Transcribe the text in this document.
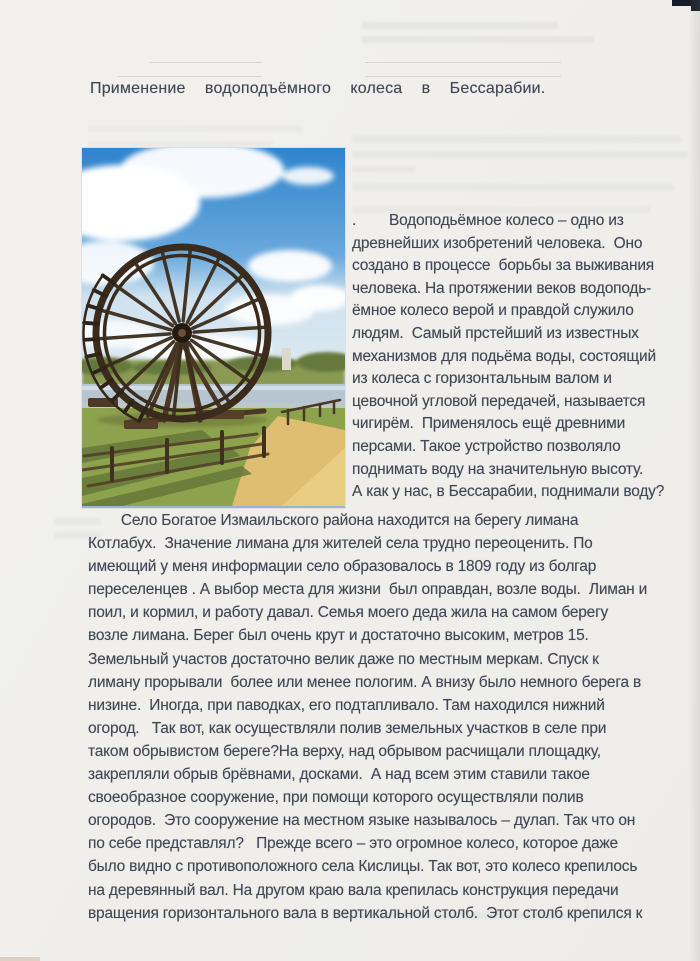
Применение  водоподъёмного  колеса  в  Бессарабии.
.        Водоподьёмное колесо – одно из
древнейших изобретений человека.  Оно
создано в процессе  борьбы за выживания
человека. На протяжении веков водоподь-
ёмное колесо верой и правдой служило
людям.  Самый прстейший из известных
механизмов для подьёма воды, состоящий
из колеса с горизонтальным валом и
цевочной угловой передачей, называется
чигирём.  Применялось ещё древними
персами. Такое устройство позволяло
поднимать воду на значительную высоту.
А как у нас, в Бессарабии, поднимали воду?
Село Богатое Измаильского района находится на берегу лимана
Котлабух.  Значение лимана для жителей села трудно переоценить. По
имеющий у меня информации село образовалось в 1809 году из болгар
переселенцев . А выбор места для жизни  был оправдан, возле воды.  Лиман и
поил, и кормил, и работу давал. Семья моего деда жила на самом берегу
возле лимана. Берег был очень крут и достаточно высоким, метров 15.
Земельный участов достаточно велик даже по местным меркам. Спуск к
лиману прорывали  более или менее пологим. А внизу было немного берега в
низине.  Иногда, при паводках, его подтапливало. Там находился нижний
огород.   Так вот, как осуществляли полив земельных участков в селе при
таком обрывистом береге?На верху, над обрывом расчищали площадку,
закрепляли обрыв брёвнами, досками.  А над всем этим ставили такое
своеобразное сооружение, при помощи которого осуществляли полив
огородов.  Это сооружение на местном языке называлось – дулап. Так что он
по себе представлял?   Прежде всего – это огромное колесо, которое даже
было видно с противоположного села Кислицы. Так вот, это колесо крепилось
на деревянный вал. На другом краю вала крепилась конструкция передачи
вращения горизонтального вала в вертикальной столб.  Этот столб крепился к
